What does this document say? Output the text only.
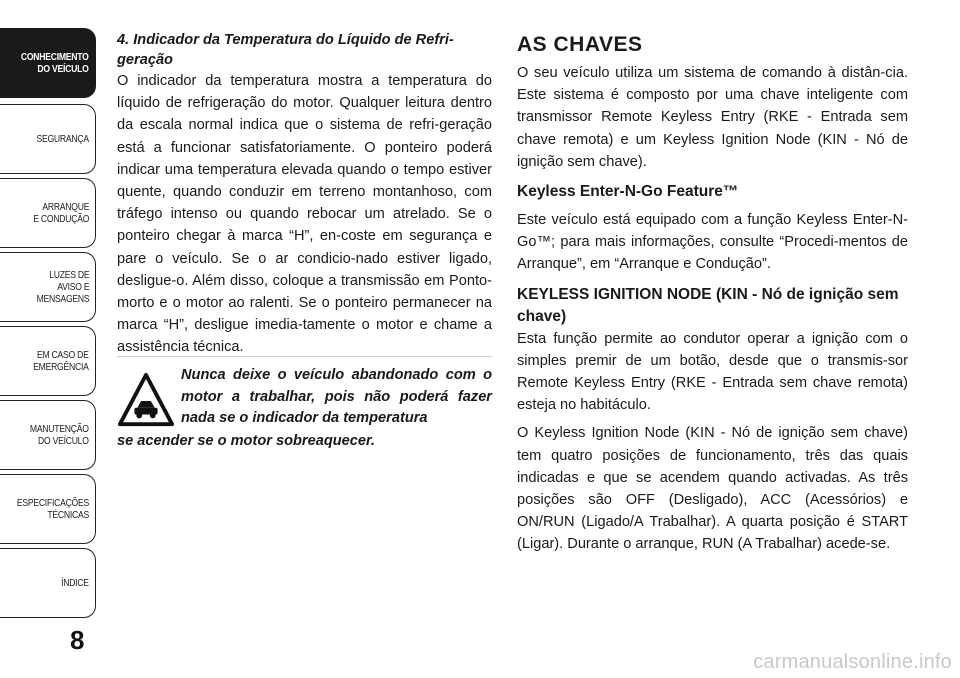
CONHECIMENTO
DO VEÍCULO
SEGURANÇA
ARRANQUE
E CONDUÇÃO
LUZES DE
AVISO E
MENSAGENS
EM CASO DE
EMERGÊNCIA
MANUTENÇÃO
DO VEÍCULO
ESPECIFICAÇÕES
TÉCNICAS
ÍNDICE
8

4. Indicador da Temperatura do Líquido de Refri-geração

O indicador da temperatura mostra a temperatura do líquido de refrigeração do motor. Qualquer leitura dentro da escala normal indica que o sistema de refri-geração está a funcionar satisfatoriamente. O ponteiro poderá indicar uma temperatura elevada quando o tempo estiver quente, quando conduzir em terreno montanhoso, com tráfego intenso ou quando rebocar um atrelado. Se o ponteiro chegar à marca “H”, en-coste em segurança e pare o veículo. Se o ar condicio-nado estiver ligado, desligue-o. Além disso, coloque a transmissão em Ponto-morto e o motor ao ralenti. Se o ponteiro permanecer na marca “H”, desligue imedia-tamente o motor e chame a assistência técnica.

Nunca deixe o veículo abandonado com o motor a trabalhar, pois não poderá fazer nada se o indicador da temperatura
se acender se o motor sobreaquecer.
AS CHAVES

O seu veículo utiliza um sistema de comando à distân-cia. Este sistema é composto por uma chave inteligente com transmissor Remote Keyless Entry (RKE - Entrada sem chave remota) e um Keyless Ignition Node (KIN - Nó de ignição sem chave).

Keyless Enter-N-Go Feature™

Este veículo está equipado com a função Keyless Enter-N-Go™; para mais informações, consulte “Procedi-mentos de Arranque”, em “Arranque e Condução”.

KEYLESS IGNITION NODE (KIN - Nó de ignição sem chave)

Esta função permite ao condutor operar a ignição com o simples premir de um botão, desde que o transmis-sor Remote Keyless Entry (RKE - Entrada sem chave remota) esteja no habitáculo.

O Keyless Ignition Node (KIN - Nó de ignição sem chave) tem quatro posições de funcionamento, três das quais indicadas e que se acendem quando activadas. As três posições são OFF (Desligado), ACC (Acessórios) e ON/RUN (Ligado/A Trabalhar). A quarta posição é START (Ligar). Durante o arranque, RUN (A Trabalhar) acede-se.

carmanualsonline.info
